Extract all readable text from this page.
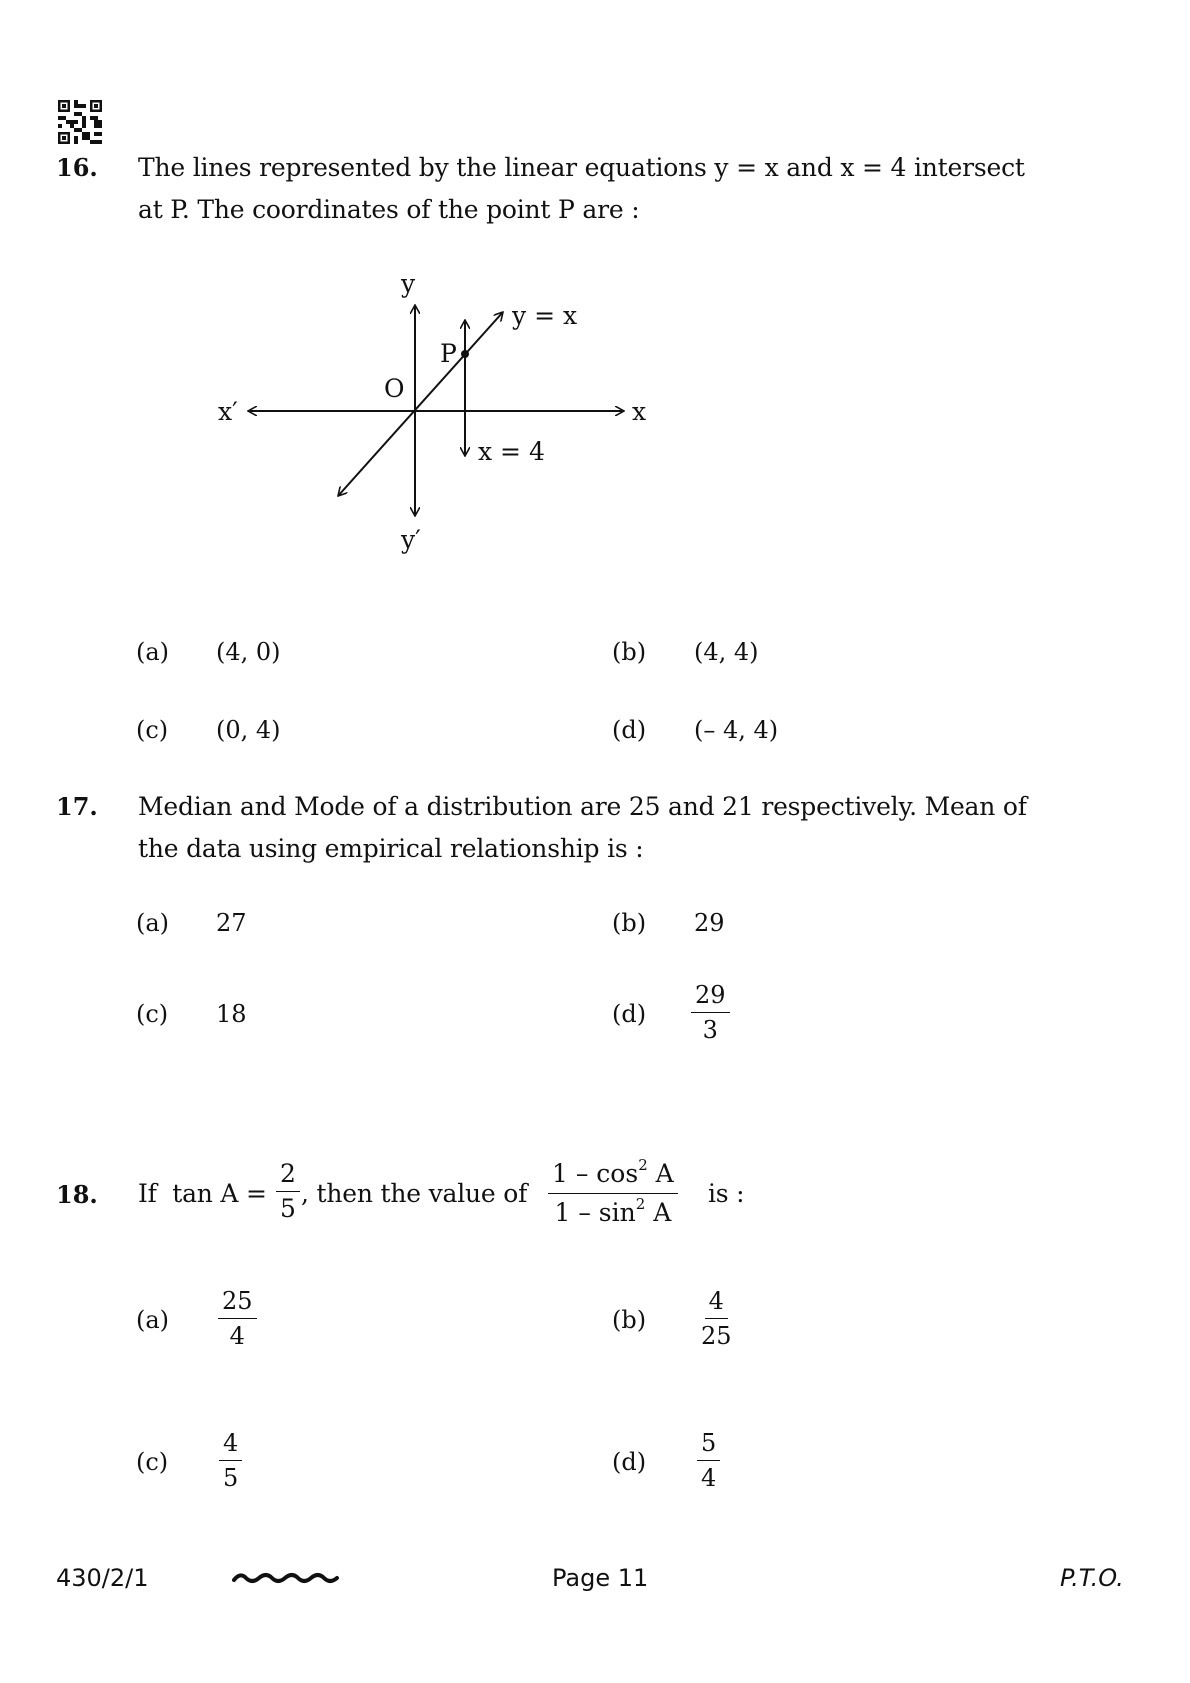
16. The lines represented by the linear equations y = x and x = 4 intersect
at P. The coordinates of the point P are :
y
y′
x
x′
O
P
y = x
x = 4
(a) (4, 0)	(b) (4, 4)
(c) (0, 4)	(d) (– 4, 4)
17. Median and Mode of a distribution are 25 and 21 respectively. Mean of
the data using empirical relationship is :
(a) 27	(b) 29
(c) 18	$(d) \frac{29}{3}$
18. If  $\tan A = \frac{2}{5}$ , then the value of $\frac{1 - \cos^2 A}{1 - \sin^2 A}$ is :
$(a) \frac{25}{4}$	$(b) \frac{4}{25}$
$(c) \frac{4}{5}$	$(d) \frac{5}{4}$
430/2/1	Page 11	P.T.O.
